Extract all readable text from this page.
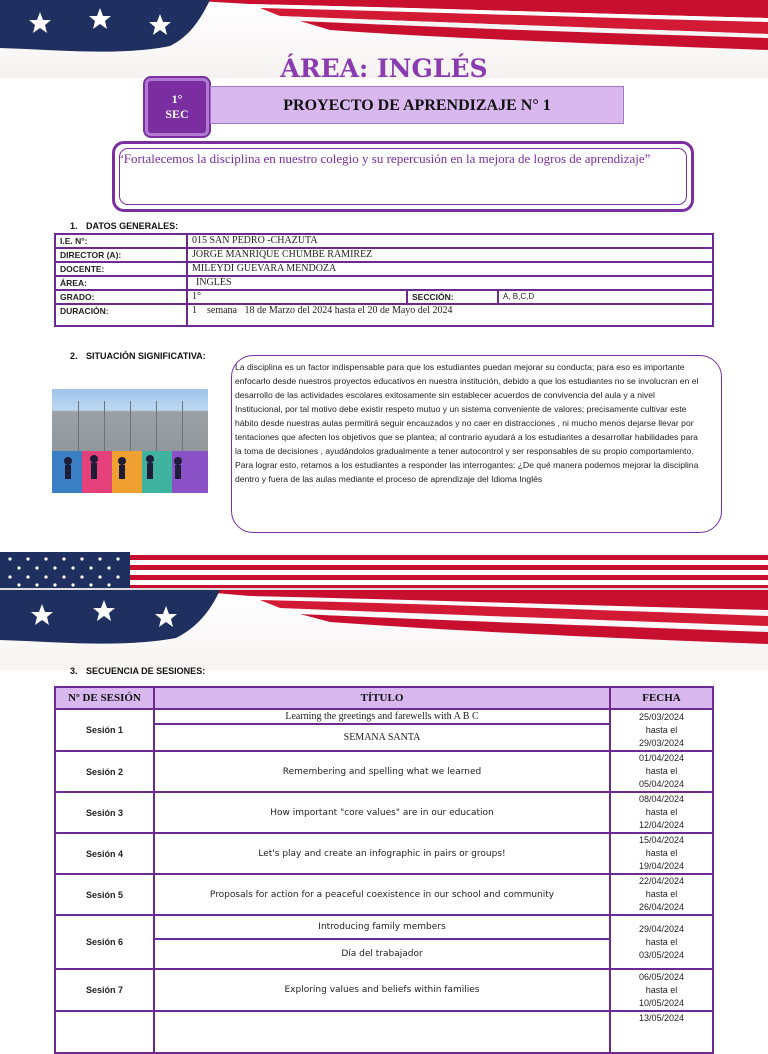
ÁREA: INGLÉS
1°
SEC	PROYECTO DE APRENDIZAJE N° 1
“Fortalecemos la disciplina en nuestro colegio y su repercusión en la mejora de logros de aprendizaje”
1. DATOS GENERALES:
I.E. N°:	015 SAN PEDRO -CHAZUTA		
DIRECTOR (A):	JORGE MANRIQUE CHUMBE RAMIREZ		
DOCENTE:	MILEYDI GUEVARA MENDOZA		
ÁREA:	INGLÉS		
GRADO:	1°	SECCIÓN:	A, B,C,D
DURACIÓN:	1    semana   18 de Marzo del 2024 hasta el 20 de Mayo del 2024		
2. SITUACIÓN SIGNIFICATIVA:
La disciplina es un factor indispensable para que los estudiantes puedan mejorar su conducta; para eso es importante enfocarlo desde nuestros proyectos educativos en nuestra institución, debido a que los estudiantes no se involucran en el desarrollo de las actividades escolares exitosamente sin establecer acuerdos de convivencia del aula y a nivel Institucional, por tal motivo debe existir respeto mutuo y un sistema conveniente de valores; precisamente cultivar este hábito desde nuestras aulas permitirá seguir encauzados y no caer en distracciones , ni mucho menos dejarse llevar por tentaciones que afecten los objetivos que se plantea; al contrario ayudará a los estudiantes a desarrollar habilidades para la toma de decisiones , ayudándolos gradualmente a tener autocontrol y ser responsables de su propio comportamiento. Para lograr esto, retamos a los estudiantes a responder las interrogantes: ¿De qué manera podemos mejorar la disciplina dentro y fuera de las aulas mediante el proceso de aprendizaje del Idioma Inglés
3. SECUENCIA DE SESIONES:
Nº DE SESIÓN	TÍTULO	FECHA
Sesión 1	Learning the greetings and farewells with A B C	25/03/2024
hasta el
29/03/2024

	SEMANA SANTA	
Sesión 2	Remembering and spelling what we learned	01/04/2024
hasta el
05/04/2024

Sesión 3	How important "core values" are in our education	08/04/2024
hasta el
12/04/2024

Sesión 4	Let's play and create an infographic in pairs or groups!	15/04/2024
hasta el
19/04/2024

Sesión 5	Proposals for action for a peaceful coexistence in our school and community	22/04/2024
hasta el
26/04/2024

Sesión 6	Introducing family members	29/04/2024
hasta el
03/05/2024

	Día del trabajador	
Sesión 7	Exploring values and beliefs within families	06/05/2024
hasta el
10/05/2024

		13/05/2024
